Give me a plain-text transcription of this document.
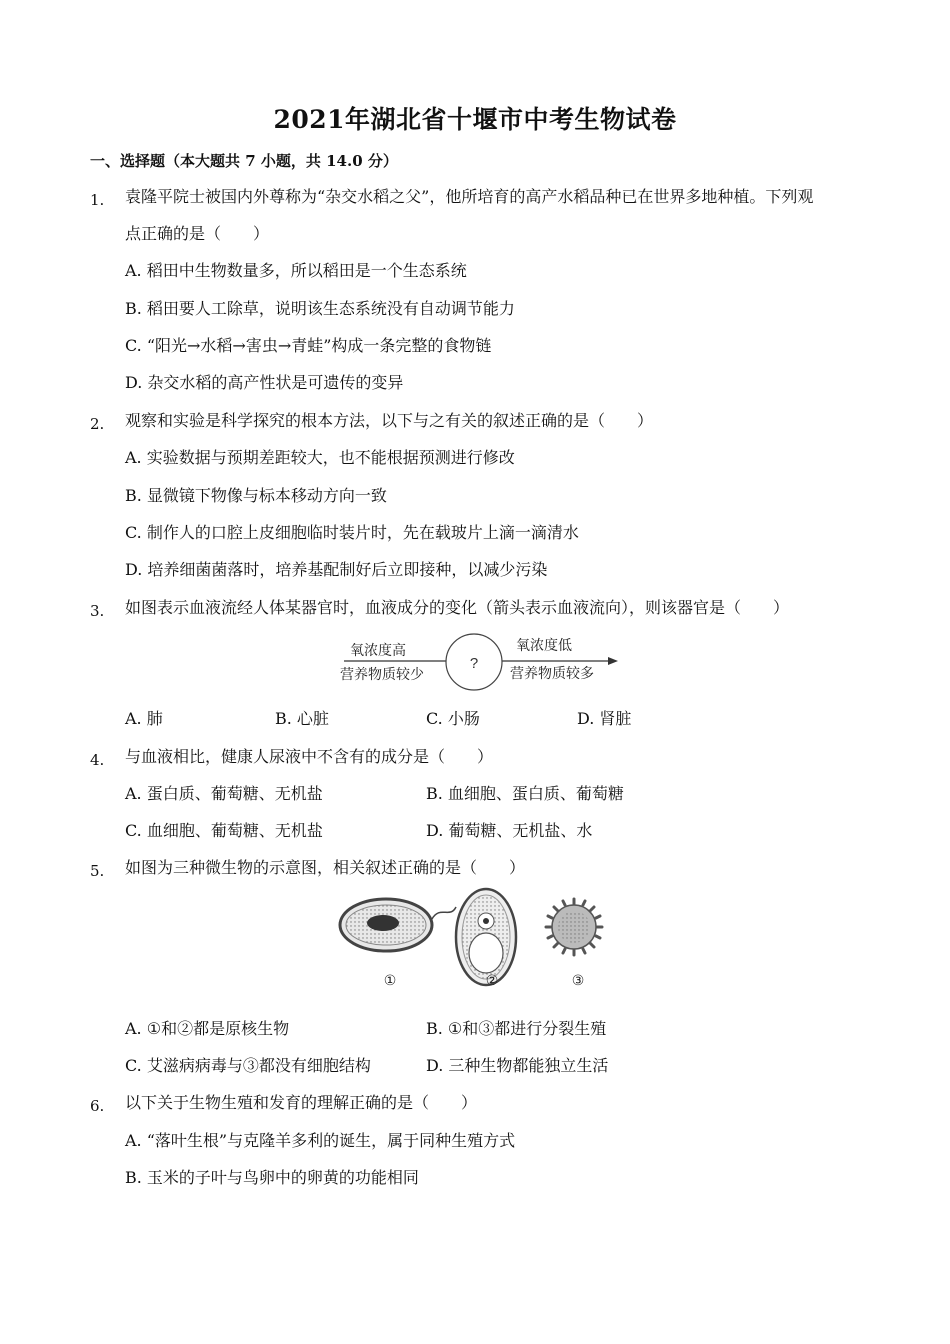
2021年湖北省十堰市中考生物试卷
一、选择题（本大题共 7 小题，共 14.0 分）
1. 袁隆平院士被国内外尊称为“杂交水稻之父”，他所培育的高产水稻品种已在世界多地种植。下列观
点正确的是（　　）
A. 稻田中生物数量多，所以稻田是一个生态系统
B. 稻田要人工除草，说明该生态系统没有自动调节能力
C. “阳光→水稻→害虫→青蛙”构成一条完整的食物链
D. 杂交水稻的高产性状是可遗传的变异
2. 观察和实验是科学探究的根本方法，以下与之有关的叙述正确的是（　　）
A. 实验数据与预期差距较大，也不能根据预测进行修改
B. 显微镜下物像与标本移动方向一致
C. 制作人的口腔上皮细胞临时装片时，先在载玻片上滴一滴清水
D. 培养细菌菌落时，培养基配制好后立即接种，以减少污染
3. 如图表示血液流经人体某器官时，血液成分的变化（箭头表示血液流向），则该器官是（　　）
?
氧浓度高
营养物质较少
氧浓度低
营养物质较多
A. 肺	B. 心脏	C. 小肠	D. 肾脏
4. 与血液相比，健康人尿液中不含有的成分是（　　）
A. 蛋白质、葡萄糖、无机盐	B. 血细胞、蛋白质、葡萄糖
C. 血细胞、葡萄糖、无机盐	D. 葡萄糖、无机盐、水
5. 如图为三种微生物的示意图，相关叙述正确的是（　　）
①	②	③
A. ①和②都是原核生物	B. ①和③都进行分裂生殖
C. 艾滋病病毒与③都没有细胞结构	D. 三种生物都能独立生活
6. 以下关于生物生殖和发育的理解正确的是（　　）
A. “落叶生根”与克隆羊多利的诞生，属于同种生殖方式
B. 玉米的子叶与鸟卵中的卵黄的功能相同
